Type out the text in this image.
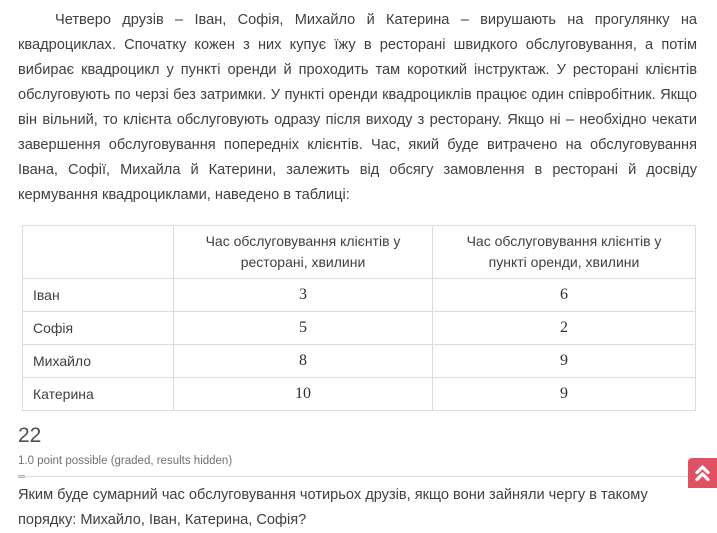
Четверо друзів – Іван, Софія, Михайло й Катерина – вирушають на прогулянку на квадроциклах. Спочатку кожен з них купує їжу в ресторані швидкого обслуговування, а потім вибирає квадроцикл у пункті оренди й проходить там короткий інструктаж. У ресторані клієнтів обслуговують по черзі без затримки. У пункті оренди квадроциклів працює один співробітник. Якщо він вільний, то клієнта обслуговують одразу після виходу з ресторану. Якщо ні – необхідно чекати завершення обслуговування попередніх клієнтів. Час, який буде витрачено на обслуговування Івана, Софії, Михайла й Катерини, залежить від обсягу замовлення в ресторані й досвіду кермування квадроциклами, наведено в таблиці:

	Час обслуговування клієнтів у ресторані, хвилини	Час обслуговування клієнтів у пункті оренди, хвилини
Іван	3	6
Софія	5	2
Михайло	8	9
Катерина	10	9
22
1.0 point possible (graded, results hidden)

Яким буде сумарний час обслуговування чотирьох друзів, якщо вони зайняли чергу в такому порядку: Михайло, Іван, Катерина, Софія?
